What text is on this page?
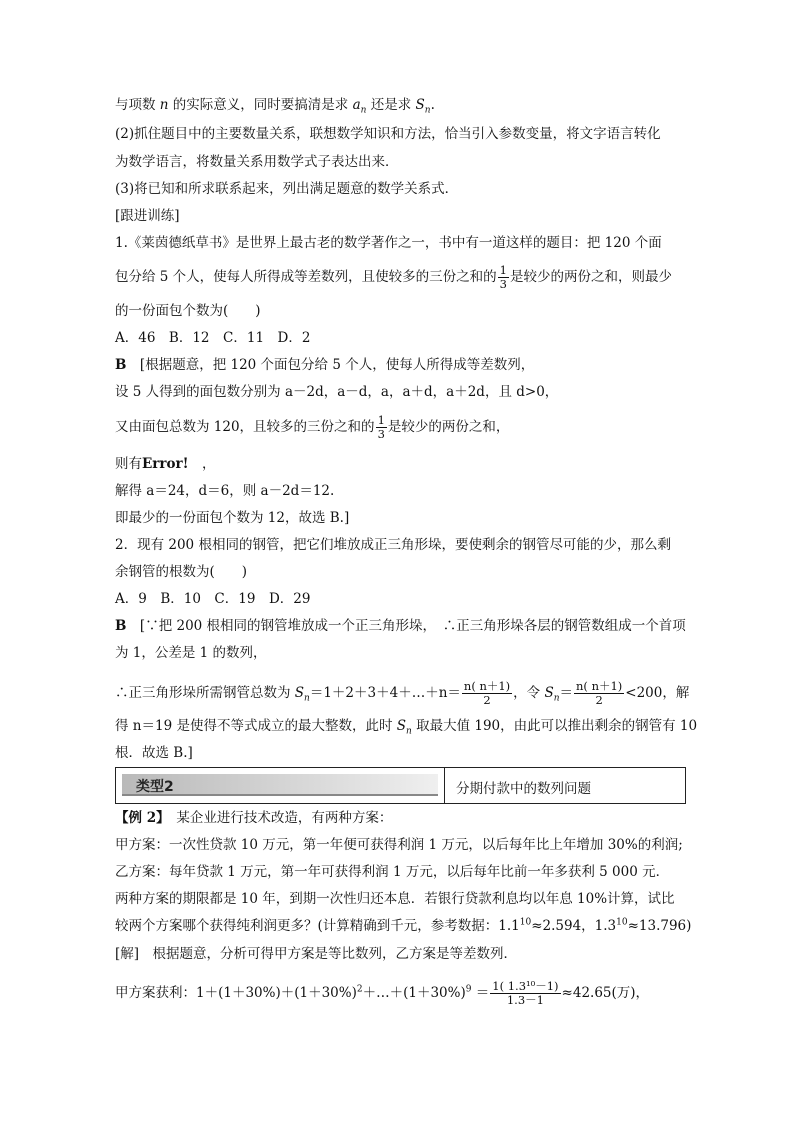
与项数 n 的实际意义，同时要搞清是求 $a_n$ 还是求 $S_n$.
(2)抓住题目中的主要数量关系，联想数学知识和方法，恰当引入参数变量，将文字语言转化
为数学语言，将数量关系用数学式子表达出来．
(3)将已知和所求联系起来，列出满足题意的数学关系式．
[跟进训练]
1.《莱茵德纸草书》是世界上最古老的数学著作之一，书中有一道这样的题目：把 120 个面
包分给 5 个人，使每人所得成等差数列，且使较多的三份之和的 $\frac{1}{3}$ 是较少的两份之和，则最少
的一份面包个数为(　　)
A．46　B．12　C．11　D．2
B　[根据题意，把 120 个面包分给 5 个人，使每人所得成等差数列，
设 5 人得到的面包数分别为 a－2d，a－d，a，a＋d，a＋2d，且 d>0，
又由面包总数为 120，且较多的三份之和的 $\frac{1}{3}$ 是较少的两份之和，
则有Error!　，
解得 a＝24，d＝6，则 a－2d＝12.
即最少的一份面包个数为 12，故选 B.]
2．现有 200 根相同的钢管，把它们堆放成正三角形垛，要使剩余的钢管尽可能的少，那么剩
余钢管的根数为(　　)
A．9　B．10　C．19　D．29
B　[∵把 200 根相同的钢管堆放成一个正三角形垛，　∴正三角形垛各层的钢管数组成一个首项
为 1，公差是 1 的数列，
∴正三角形垛所需钢管总数为 $S_n=1+2+3+4+\dots+n= \frac{n( n+1)}{2}$ ，令 $S_n= \frac{n( n+1)}{2} <200$，解
得 n＝19 是使得不等式成立的最大整数，此时 $S_n$ 取最大值 190，由此可以推出剩余的钢管有 10
根．故选 B.]
类型2	分期付款中的数列问题
【例 2】　某企业进行技术改造，有两种方案：
甲方案：一次性贷款 10 万元，第一年便可获得利润 1 万元，以后每年比上年增加 30%的利润;
乙方案：每年贷款 1 万元，第一年可获得利润 1 万元，以后每年比前一年多获利 5 000 元．
两种方案的期限都是 10 年，到期一次性归还本息．若银行贷款利息均以年息 10%计算，试比
较两个方案哪个获得纯利润更多？(计算精确到千元，参考数据：$1.1^{10}\approx 2.594$，$1.3^{10}\approx 13.796$)
[解]　根据题意，分析可得甲方案是等比数列，乙方案是等差数列．
甲方案获利：$1+(1+30\%)+(1+30\%)^2+\dots+(1+30\%)^9 = \frac{\text{1( 1.3¹⁰－1)}}{1.3-1} \approx 42.65$(万)，
